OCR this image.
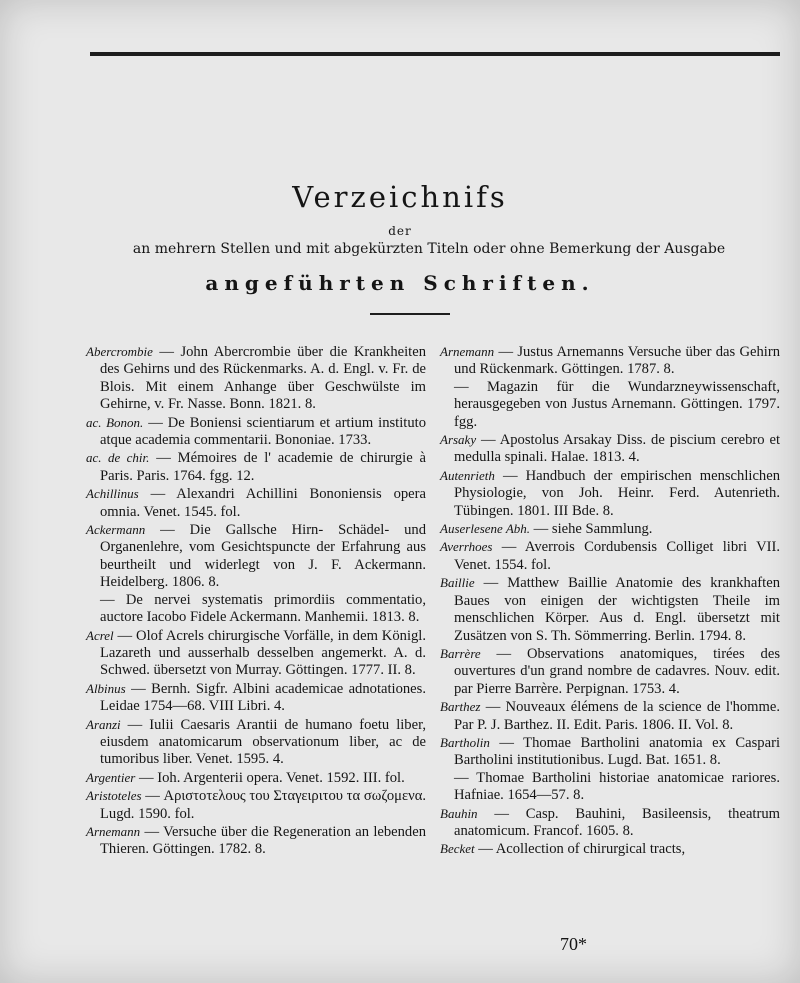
Verzeichnifs
der
an mehrern Stellen und mit abgekürzten Titeln oder ohne Bemerkung der Ausgabe
angeführten Schriften.

Abercrombie — John Abercrombie über die Krankheiten des Gehirns und des Rückenmarks. A. d. Engl. v. Fr. de Blois. Mit einem Anhange über Geschwülste im Gehirne, v. Fr. Nasse. Bonn. 1821. 8.

ac. Bonon. — De Boniensi scientiarum et artium instituto atque academia commentarii. Bononiae. 1733.

ac. de chir. — Mémoires de l' academie de chirurgie à Paris. Paris. 1764. fgg. 12.

Achillinus — Alexandri Achillini Bononiensis opera omnia. Venet. 1545. fol.

Ackermann — Die Gallsche Hirn- Schädel- und Organenlehre, vom Gesichtspuncte der Erfahrung aus beurtheilt und widerlegt von J. F. Ackermann. Heidelberg. 1806. 8.

— De nervei systematis primordiis commentatio, auctore Iacobo Fidele Ackermann. Manhemii. 1813. 8.

Acrel — Olof Acrels chirurgische Vorfälle, in dem Königl. Lazareth und ausserhalb desselben angemerkt. A. d. Schwed. übersetzt von Murray. Göttingen. 1777. II. 8.

Albinus — Bernh. Sigfr. Albini academicae adnotationes. Leidae 1754—68. VIII Libri. 4.

Aranzi — Iulii Caesaris Arantii de humano foetu liber, eiusdem anatomicarum observationum liber, ac de tumoribus liber. Venet. 1595. 4.

Argentier — Ioh. Argenterii opera. Venet. 1592. III. fol.

Aristoteles — Αριστοτελους του Σταγειριτου τα σωζομενα. Lugd. 1590. fol.

Arnemann — Versuche über die Regeneration an lebenden Thieren. Göttingen. 1782. 8.

Arnemann — Justus Arnemanns Versuche über das Gehirn und Rückenmark. Göttingen. 1787. 8.

— Magazin für die Wundarzneywissenschaft, herausgegeben von Justus Arnemann. Göttingen. 1797. fgg.

Arsaky — Apostolus Arsakay Diss. de piscium cerebro et medulla spinali. Halae. 1813. 4.

Autenrieth — Handbuch der empirischen menschlichen Physiologie, von Joh. Heinr. Ferd. Autenrieth. Tübingen. 1801. III Bde. 8.

Auserlesene Abh. — siehe Sammlung.

Averrhoes — Averrois Cordubensis Colliget libri VII. Venet. 1554. fol.

Baillie — Matthew Baillie Anatomie des krankhaften Baues von einigen der wichtigsten Theile im menschlichen Körper. Aus d. Engl. übersetzt mit Zusätzen von S. Th. Sömmerring. Berlin. 1794. 8.

Barrère — Observations anatomiques, tirées des ouvertures d'un grand nombre de cadavres. Nouv. edit. par Pierre Barrère. Perpignan. 1753. 4.

Barthez — Nouveaux élémens de la science de l'homme. Par P. J. Barthez. II. Edit. Paris. 1806. II. Vol. 8.

Bartholin — Thomae Bartholini anatomia ex Caspari Bartholini institutionibus. Lugd. Bat. 1651. 8.

— Thomae Bartholini historiae anatomicae rariores. Hafniae. 1654—57. 8.

Bauhin — Casp. Bauhini, Basileensis, theatrum anatomicum. Francof. 1605. 8.

Becket — Acollection of chirurgical tracts,

70*
